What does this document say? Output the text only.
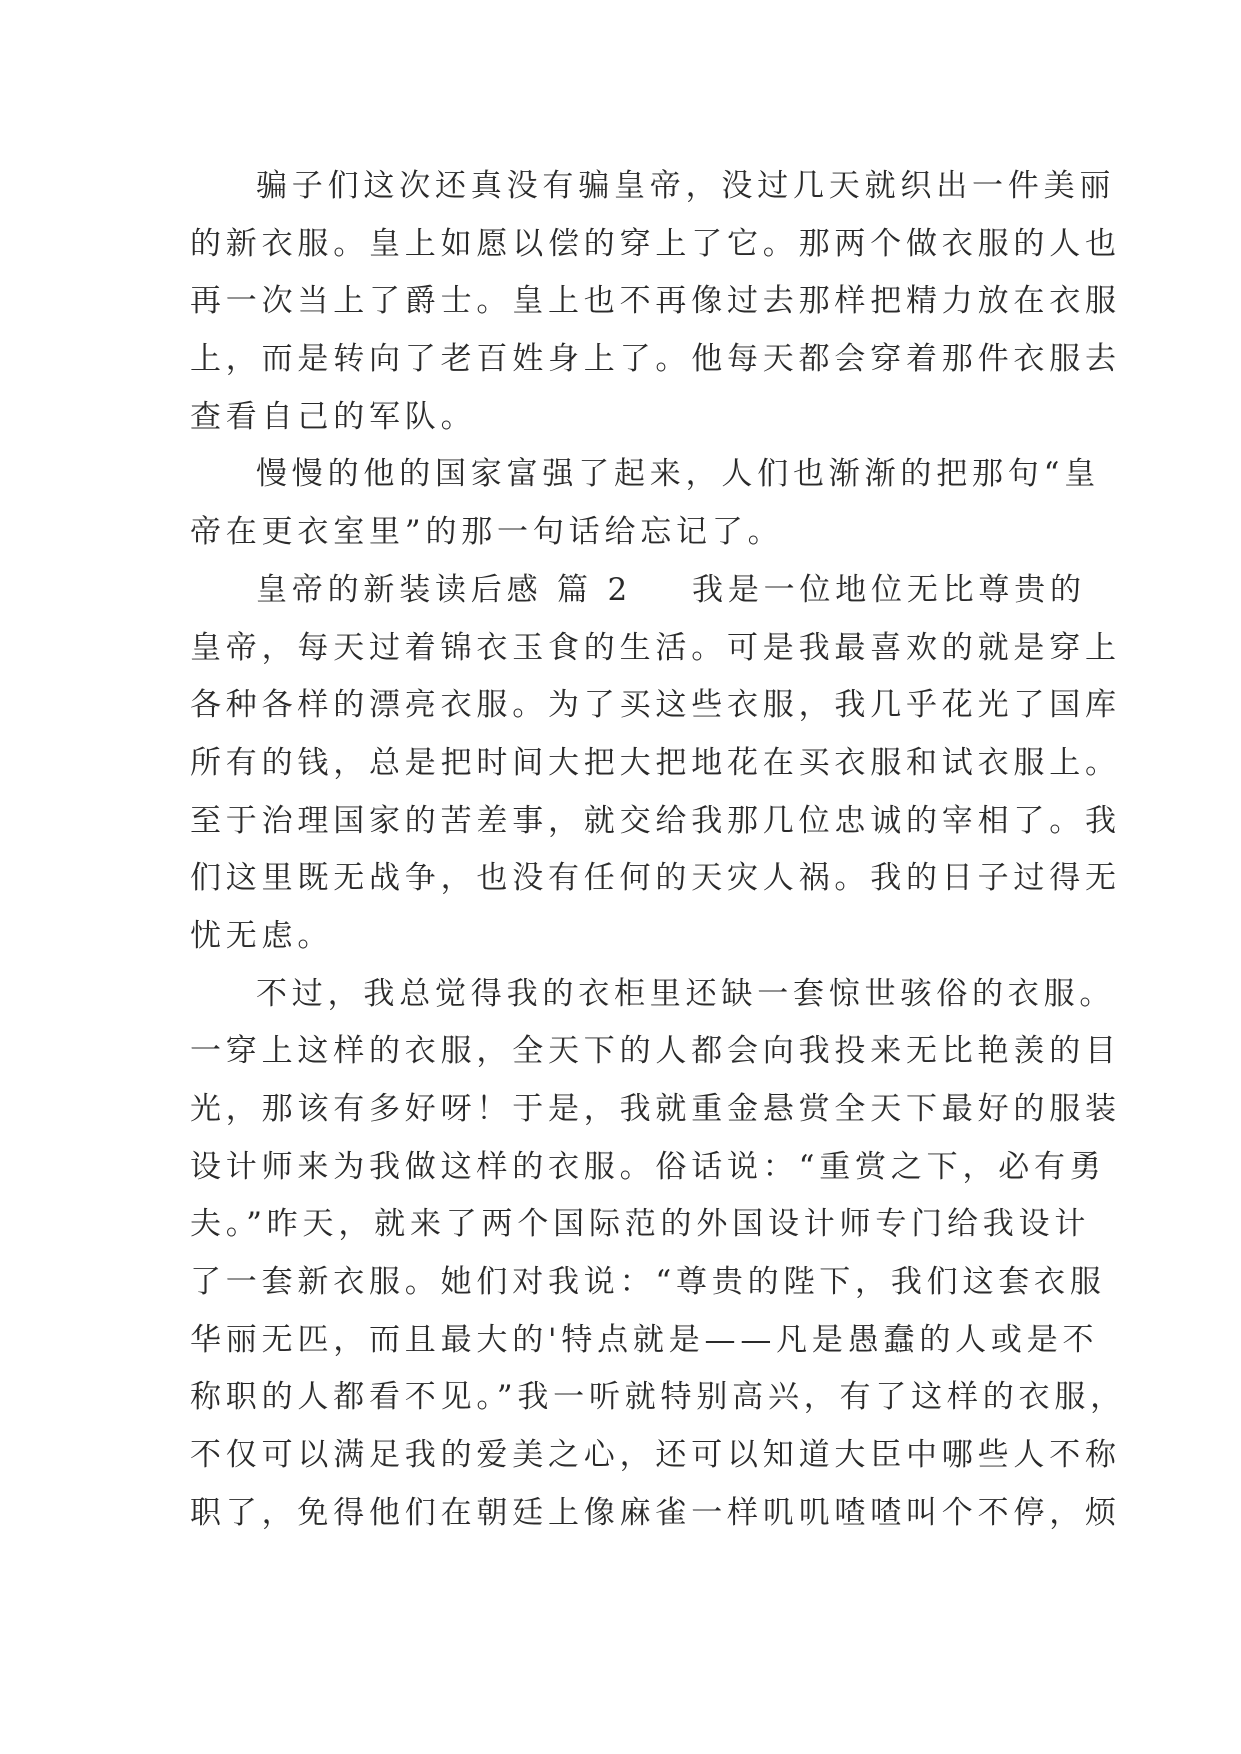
骗子们这次还真没有骗皇帝，没过几天就织出一件美丽
的新衣服。皇上如愿以偿的穿上了它。那两个做衣服的人也
再一次当上了爵士。皇上也不再像过去那样把精力放在衣服
上，而是转向了老百姓身上了。他每天都会穿着那件衣服去
查看自己的军队。
慢慢的他的国家富强了起来，人们也渐渐的把那句“皇
帝在更衣室里”的那一句话给忘记了。
皇帝的新装读后感 篇 2 我是一位地位无比尊贵的
皇帝，每天过着锦衣玉食的生活。可是我最喜欢的就是穿上
各种各样的漂亮衣服。为了买这些衣服，我几乎花光了国库
所有的钱，总是把时间大把大把地花在买衣服和试衣服上。
至于治理国家的苦差事，就交给我那几位忠诚的宰相了。我
们这里既无战争，也没有任何的天灾人祸。我的日子过得无
忧无虑。
不过，我总觉得我的衣柜里还缺一套惊世骇俗的衣服。
一穿上这样的衣服，全天下的人都会向我投来无比艳羡的目
光，那该有多好呀！于是，我就重金悬赏全天下最好的服装
设计师来为我做这样的衣服。俗话说：“重赏之下，必有勇
夫。”昨天，就来了两个国际范的外国设计师专门给我设计
了一套新衣服。她们对我说：“尊贵的陛下，我们这套衣服
华丽无匹，而且最大的'特点就是——凡是愚蠢的人或是不
称职的人都看不见。”我一听就特别高兴，有了这样的衣服，
不仅可以满足我的爱美之心，还可以知道大臣中哪些人不称
职了，免得他们在朝廷上像麻雀一样叽叽喳喳叫个不停，烦
